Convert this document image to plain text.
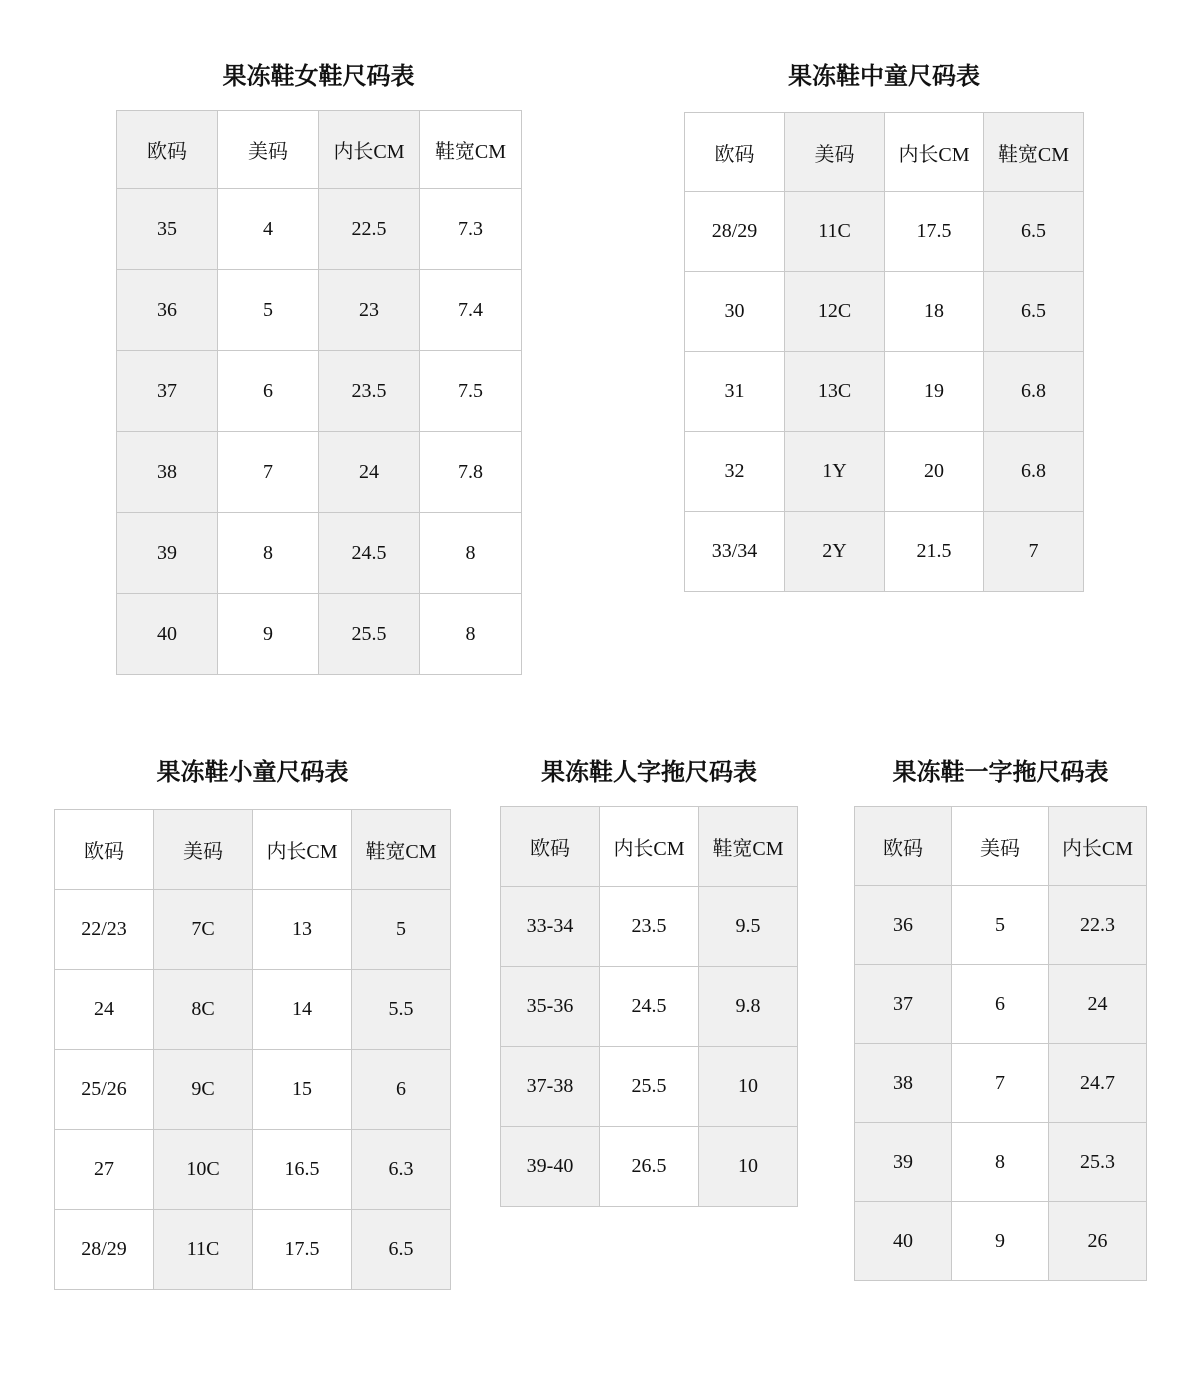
果冻鞋女鞋尺码表
欧码	美码	内长CM	鞋宽CM
35	4	22.5	7.3
36	5	23	7.4
37	6	23.5	7.5
38	7	24	7.8
39	8	24.5	8
40	9	25.5	8
果冻鞋中童尺码表
欧码	美码	内长CM	鞋宽CM
28/29	11C	17.5	6.5
30	12C	18	6.5
31	13C	19	6.8
32	1Y	20	6.8
33/34	2Y	21.5	7
果冻鞋小童尺码表
欧码	美码	内长CM	鞋宽CM
22/23	7C	13	5
24	8C	14	5.5
25/26	9C	15	6
27	10C	16.5	6.3
28/29	11C	17.5	6.5
果冻鞋人字拖尺码表
欧码	内长CM	鞋宽CM
33-34	23.5	9.5
35-36	24.5	9.8
37-38	25.5	10
39-40	26.5	10
果冻鞋一字拖尺码表
欧码	美码	内长CM
36	5	22.3
37	6	24
38	7	24.7
39	8	25.3
40	9	26
